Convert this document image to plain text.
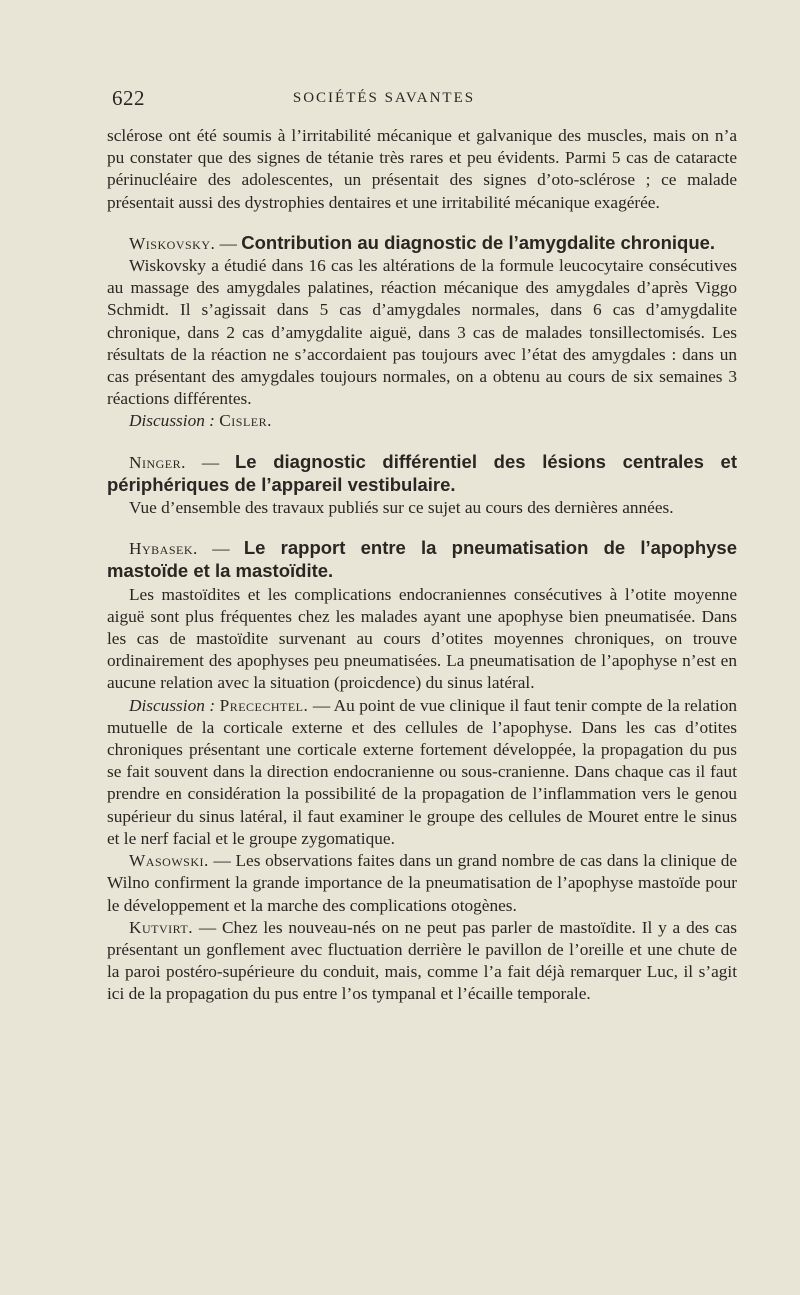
622	SOCIÉTÉS SAVANTES

sclérose ont été soumis à l’irritabilité mécanique et galvanique des muscles, mais on n’a pu constater que des signes de tétanie très rares et peu évidents. Parmi 5 cas de cataracte périnucléaire des adolescentes, un présentait des signes d’oto-sclérose ; ce malade présentait aussi des dystrophies dentaires et une irritabilité mécanique exagérée.

Wiskovsky. — Contribution au diagnostic de l’amygdalite chronique.

Wiskovsky a étudié dans 16 cas les altérations de la formule leucocytaire consécutives au massage des amygdales palatines, réaction mécanique des amygdales d’après Viggo Schmidt. Il s’agissait dans 5 cas d’amygdales normales, dans 6 cas d’amygdalite chronique, dans 2 cas d’amygdalite aiguë, dans 3 cas de malades tonsillectomisés. Les résultats de la réaction ne s’accordaient pas toujours avec l’état des amygdales : dans un cas présentant des amygdales toujours normales, on a obtenu au cours de six semaines 3 réactions différentes.

Discussion : Cisler.

Ninger. — Le diagnostic différentiel des lésions centrales et périphériques de l’appareil vestibulaire.

Vue d’ensemble des travaux publiés sur ce sujet au cours des dernières années.

Hybasek. — Le rapport entre la pneumatisation de l’apophyse mastoïde et la mastoïdite.

Les mastoïdites et les complications endocraniennes consécutives à l’otite moyenne aiguë sont plus fréquentes chez les malades ayant une apophyse bien pneumatisée. Dans les cas de mastoïdite survenant au cours d’otites moyennes chroniques, on trouve ordinairement des apophyses peu pneumatisées. La pneumatisation de l’apophyse n’est en aucune relation avec la situation (proicdence) du sinus latéral.

Discussion : Precechtel. — Au point de vue clinique il faut tenir compte de la relation mutuelle de la corticale externe et des cellules de l’apophyse. Dans les cas d’otites chroniques présentant une corticale externe fortement développée, la propagation du pus se fait souvent dans la direction endocranienne ou sous-cranienne. Dans chaque cas il faut prendre en considération la possibilité de la propagation de l’inflammation vers le genou supérieur du sinus latéral, il faut examiner le groupe des cellules de Mouret entre le sinus et le nerf facial et le groupe zygomatique.

Wasowski. — Les observations faites dans un grand nombre de cas dans la clinique de Wilno confirment la grande importance de la pneumatisation de l’apophyse mastoïde pour le développement et la marche des complications otogènes.

Kutvirt. — Chez les nouveau-nés on ne peut pas parler de mastoïdite. Il y a des cas présentant un gonflement avec fluctuation derrière le pavillon de l’oreille et une chute de la paroi postéro-supérieure du conduit, mais, comme l’a fait déjà remarquer Luc, il s’agit ici de la propagation du pus entre l’os tympanal et l’écaille temporale.
